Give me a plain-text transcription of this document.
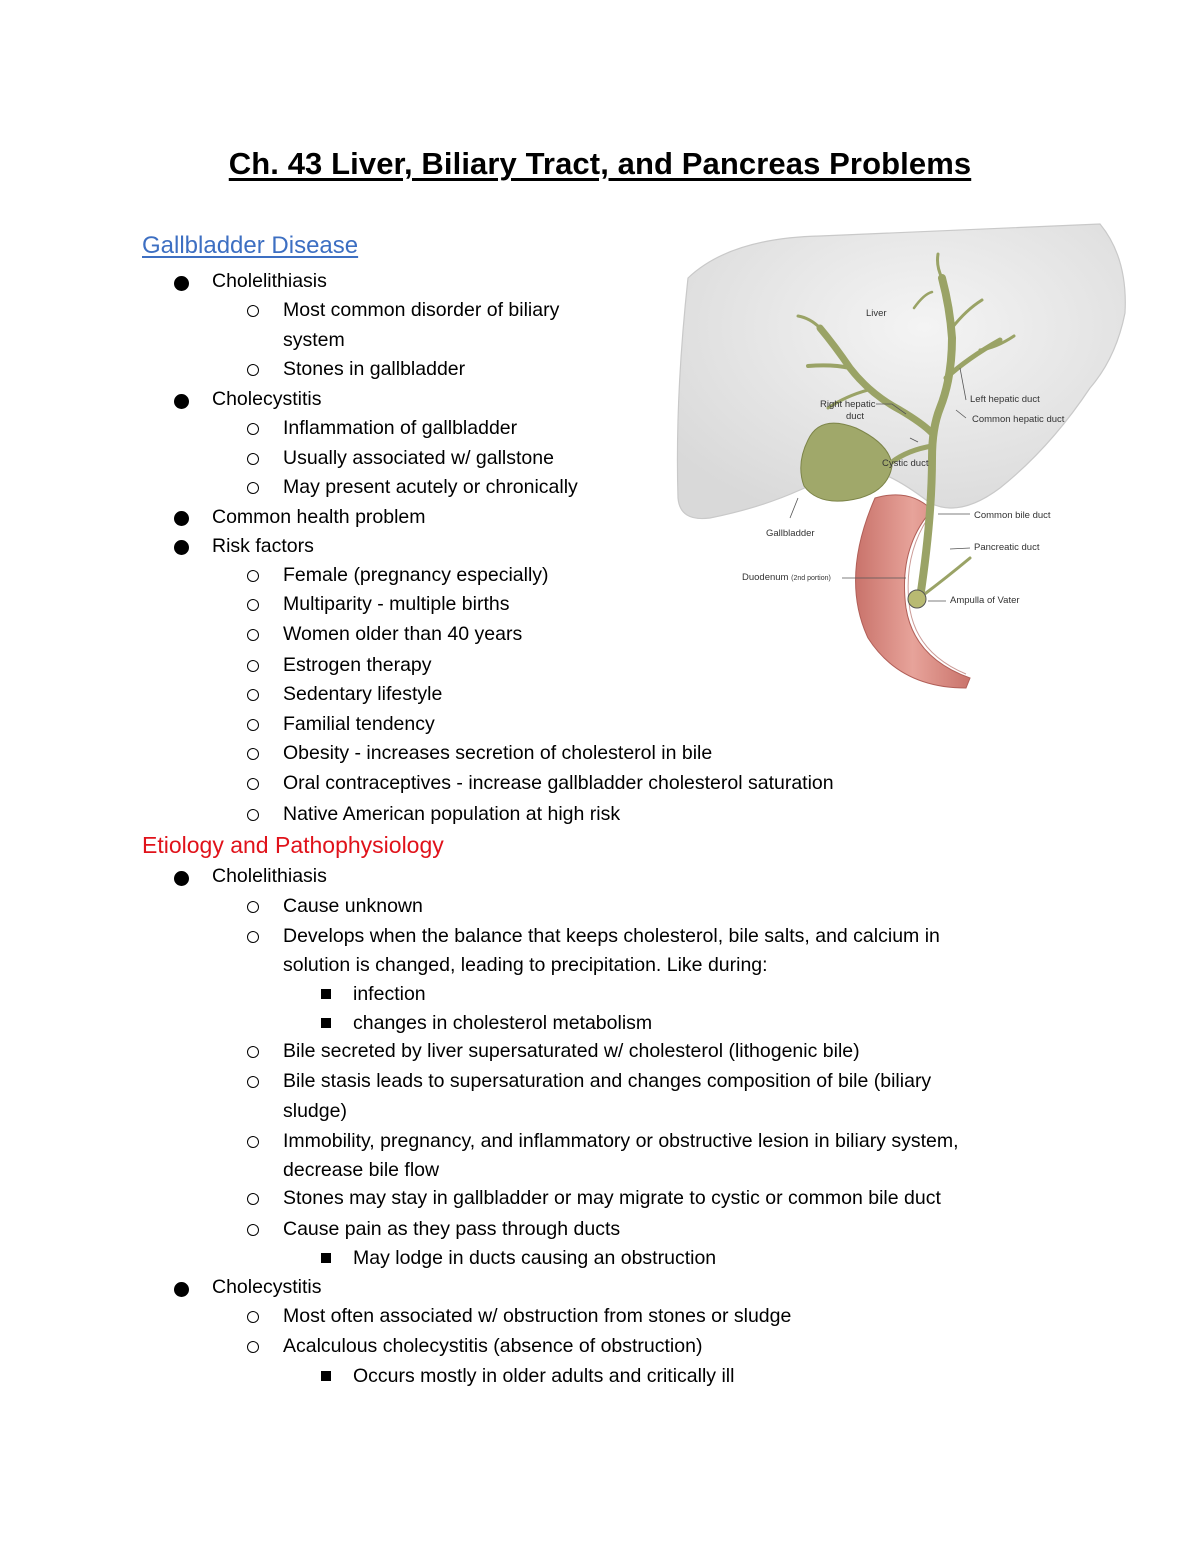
Ch. 43 Liver, Biliary Tract, and Pancreas Problems
Gallbladder Disease
Cholelithiasis
Most common disorder of biliary
system
Stones in gallbladder
Cholecystitis
Inflammation of gallbladder
Usually associated w/ gallstone
May present acutely or chronically
Common health problem
Risk factors
Female (pregnancy especially)
Multiparity - multiple births
Women older than 40 years
Estrogen therapy
Sedentary lifestyle
Familial tendency
Obesity - increases secretion of cholesterol in bile
Oral contraceptives - increase gallbladder cholesterol saturation
Native American population at high risk
Etiology and Pathophysiology
Cholelithiasis
Cause unknown
Develops when the balance that keeps cholesterol, bile salts, and calcium in
solution is changed, leading to precipitation. Like during:
infection
changes in cholesterol metabolism
Bile secreted by liver supersaturated w/ cholesterol (lithogenic bile)
Bile stasis leads to supersaturation and changes composition of bile (biliary
sludge)
Immobility, pregnancy, and inflammatory or obstructive lesion in biliary system,
decrease bile flow
Stones may stay in gallbladder or may migrate to cystic or common bile duct
Cause pain as they pass through ducts
May lodge in ducts causing an obstruction
Cholecystitis
Most often associated w/ obstruction from stones or sludge
Acalculous cholecystitis (absence of obstruction)
Occurs mostly in older adults and critically ill
Liver
Right hepatic
duct
Left hepatic duct
Common hepatic duct
Cystic duct
Common bile duct
Gallbladder
Pancreatic duct
Duodenum (2nd portion)
Ampulla of Vater
